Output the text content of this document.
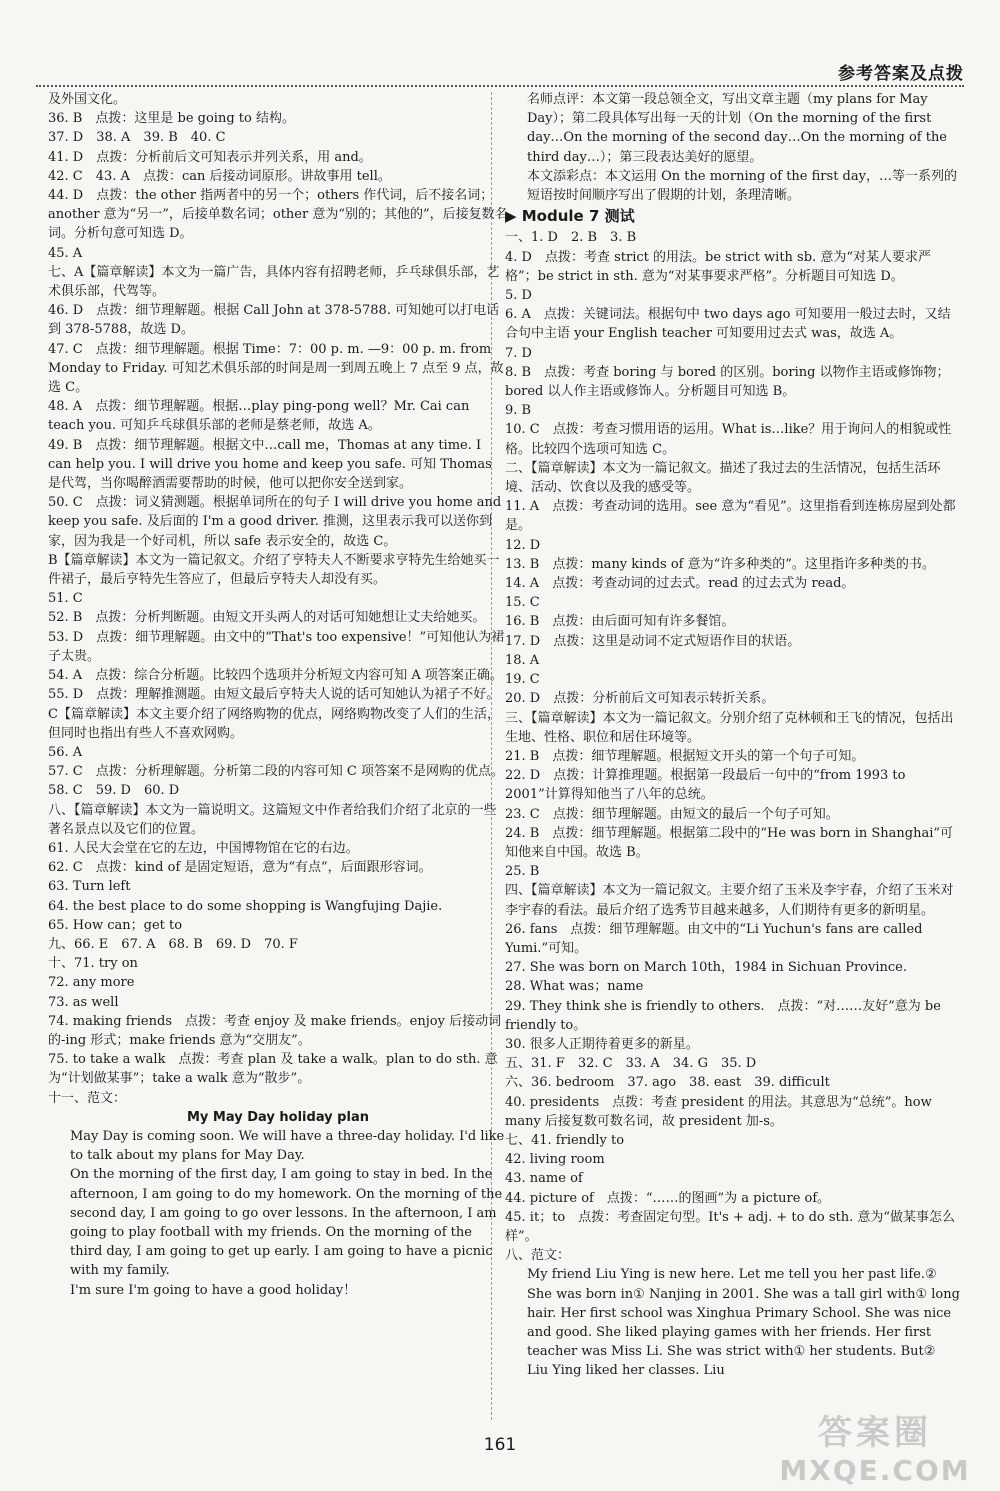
参考答案及点拨
及外国文化。
36. B　点拨：这里是 be going to 结构。
37. D　38. A　39. B　40. C
41. D　点拨：分析前后文可知表示并列关系，用 and。
42. C　43. A　点拨：can 后接动词原形。讲故事用 tell。
44. D　点拨：the other 指两者中的另一个；others 作代词，后不接名词；another 意为“另一”，后接单数名词；other 意为“别的；其他的”，后接复数名词。分析句意可知选 D。
45. A
七、A【篇章解读】本文为一篇广告，具体内容有招聘老师，乒乓球俱乐部，艺术俱乐部，代驾等。
46. D　点拨：细节理解题。根据 Call John at 378-5788. 可知她可以打电话到 378-5788，故选 D。
47. C　点拨：细节理解题。根据 Time：7：00 p. m. —9：00 p. m. from Monday to Friday. 可知艺术俱乐部的时间是周一到周五晚上 7 点至 9 点，故选 C。
48. A　点拨：细节理解题。根据…play ping-pong well？Mr. Cai can teach you. 可知乒乓球俱乐部的老师是蔡老师，故选 A。
49. B　点拨：细节理解题。根据文中…call me，Thomas at any time. I can help you. I will drive you home and keep you safe. 可知 Thomas 是代驾，当你喝醉酒需要帮助的时候，他可以把你安全送到家。
50. C　点拨：词义猜测题。根据单词所在的句子 I will drive you home and keep you safe. 及后面的 I'm a good driver. 推测，这里表示我可以送你到家，因为我是一个好司机，所以 safe 表示安全的，故选 C。
B【篇章解读】本文为一篇记叙文。介绍了亨特夫人不断要求亨特先生给她买一件裙子，最后亨特先生答应了，但最后亨特夫人却没有买。
51. C
52. B　点拨：分析判断题。由短文开头两人的对话可知她想让丈夫给她买。
53. D　点拨：细节理解题。由文中的“That's too expensive！”可知他认为裙子太贵。
54. A　点拨：综合分析题。比较四个选项并分析短文内容可知 A 项答案正确。
55. D　点拨：理解推测题。由短文最后亨特夫人说的话可知她认为裙子不好。
C【篇章解读】本文主要介绍了网络购物的优点，网络购物改变了人们的生活，但同时也指出有些人不喜欢网购。
56. A
57. C　点拨：分析理解题。分析第二段的内容可知 C 项答案不是网购的优点。
58. C　59. D　60. D
八、【篇章解读】本文为一篇说明文。这篇短文中作者给我们介绍了北京的一些著名景点以及它们的位置。
61. 人民大会堂在它的左边，中国博物馆在它的右边。
62. C　点拨：kind of 是固定短语，意为“有点”，后面跟形容词。
63. Turn left
64. the best place to do some shopping is Wangfujing Dajie.
65. How can；get to
九、66. E　67. A　68. B　69. D　70. F
十、71. try on
72. any more
73. as well
74. making friends　点拨：考查 enjoy 及 make friends。enjoy 后接动词的-ing 形式；make friends 意为“交朋友”。
75. to take a walk　点拨：考查 plan 及 take a walk。plan to do sth. 意为“计划做某事”；take a walk 意为“散步”。
十一、范文：
My May Day holiday plan
May Day is coming soon. We will have a three-day holiday. I'd like to talk about my plans for May Day.
On the morning of the first day, I am going to stay in bed. In the afternoon, I am going to do my homework. On the morning of the second day, I am going to go over lessons. In the afternoon, I am going to play football with my friends. On the morning of the third day, I am going to get up early. I am going to have a picnic with my family.
I'm sure I'm going to have a good holiday！
名师点评：本文第一段总领全文，写出文章主题（my plans for May Day）；第二段具体写出每一天的计划（On the morning of the first day…On the morning of the second day…On the morning of the third day…）；第三段表达美好的愿望。
本文添彩点：本文运用 On the morning of the first day，…等一系列的短语按时间顺序写出了假期的计划，条理清晰。
▶ Module 7 测试
一、1. D　2. B　3. B
4. D　点拨：考查 strict 的用法。be strict with sb. 意为“对某人要求严格”；be strict in sth. 意为“对某事要求严格”。分析题目可知选 D。
5. D
6. A　点拨：关键词法。根据句中 two days ago 可知要用一般过去时，又结合句中主语 your English teacher 可知要用过去式 was，故选 A。
7. D
8. B　点拨：考查 boring 与 bored 的区别。boring 以物作主语或修饰物；bored 以人作主语或修饰人。分析题目可知选 B。
9. B
10. C　点拨：考查习惯用语的运用。What is…like？用于询问人的相貌或性格。比较四个选项可知选 C。
二、【篇章解读】本文为一篇记叙文。描述了我过去的生活情况，包括生活环境、活动、饮食以及我的感受等。
11. A　点拨：考查动词的选用。see 意为“看见”。这里指看到连栋房屋到处都是。
12. D
13. B　点拨：many kinds of 意为“许多种类的”。这里指许多种类的书。
14. A　点拨：考查动词的过去式。read 的过去式为 read。
15. C
16. B　点拨：由后面可知有许多餐馆。
17. D　点拨：这里是动词不定式短语作目的状语。
18. A
19. C
20. D　点拨：分析前后文可知表示转折关系。
三、【篇章解读】本文为一篇记叙文。分别介绍了克林顿和王飞的情况，包括出生地、性格、职位和居住环境等。
21. B　点拨：细节理解题。根据短文开头的第一个句子可知。
22. D　点拨：计算推理题。根据第一段最后一句中的“from 1993 to 2001”计算得知他当了八年的总统。
23. C　点拨：细节理解题。由短文的最后一个句子可知。
24. B　点拨：细节理解题。根据第二段中的“He was born in Shanghai”可知他来自中国。故选 B。
25. B
四、【篇章解读】本文为一篇记叙文。主要介绍了玉米及李宇春，介绍了玉米对李宇春的看法。最后介绍了选秀节目越来越多，人们期待有更多的新明星。
26. fans　点拨：细节理解题。由文中的“Li Yuchun's fans are called Yumi.”可知。
27. She was born on March 10th，1984 in Sichuan Province.
28. What was；name
29. They think she is friendly to others.　点拨：“对……友好”意为 be friendly to。
30. 很多人正期待着更多的新星。
五、31. F　32. C　33. A　34. G　35. D
六、36. bedroom　37. ago　38. east　39. difficult
40. presidents　点拨：考查 president 的用法。其意思为“总统”。how many 后接复数可数名词，故 president 加-s。
七、41. friendly to
42. living room
43. name of
44. picture of　点拨：“……的图画”为 a picture of。
45. it；to　点拨：考查固定句型。It's + adj. + to do sth. 意为“做某事怎么样”。
八、范文：
My friend Liu Ying is new here. Let me tell you her past life.② She was born in① Nanjing in 2001. She was a tall girl with① long hair. Her first school was Xinghua Primary School. She was nice and good. She liked playing games with her friends. Her first teacher was Miss Li. She was strict with① her students. But② Liu Ying liked her classes. Liu
161	答案圈
MXQE.COM
